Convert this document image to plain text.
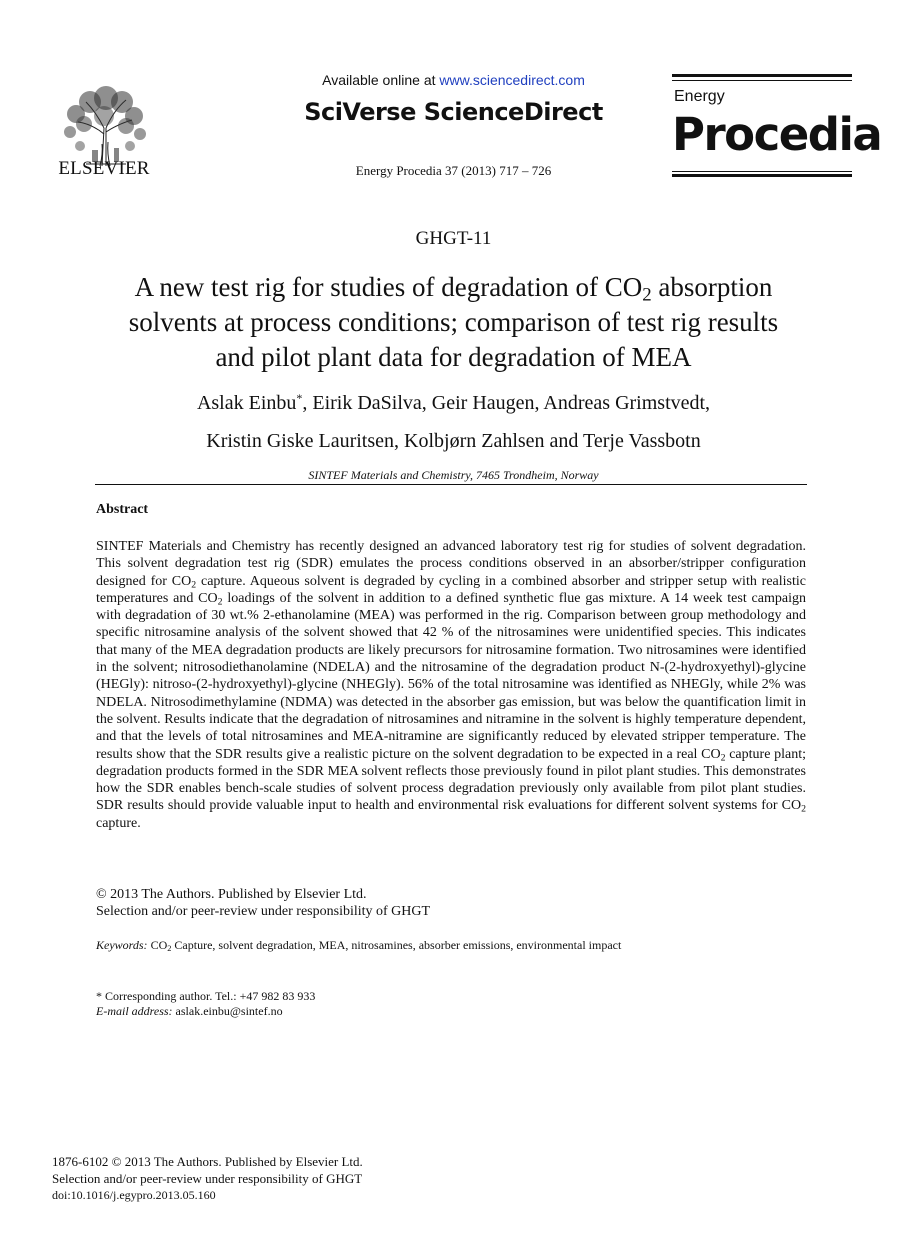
ELSEVIER
Available online at www.sciencedirect.com
SciVerse ScienceDirect
Energy Procedia 37 (2013) 717 – 726
Energy
Procedia
GHGT-11
A new test rig for studies of degradation of $CO_2$ absorption
solvents at process conditions; comparison of test rig results
and pilot plant data for degradation of MEA
Aslak Einbu*, Eirik DaSilva, Geir Haugen, Andreas Grimstvedt,
Kristin Giske Lauritsen, Kolbjørn Zahlsen and Terje Vassbotn
SINTEF Materials and Chemistry, 7465 Trondheim, Norway
Abstract
SINTEF Materials and Chemistry has recently designed an advanced laboratory test rig for studies of solvent degradation. This solvent degradation test rig (SDR) emulates the process conditions observed in an absorber/stripper configuration designed for $CO_2$ capture. Aqueous solvent is degraded by cycling in a combined absorber and stripper setup with realistic temperatures and $CO_2$ loadings of the solvent in addition to a defined synthetic flue gas mixture. A 14 week test campaign with degradation of 30 wt.% 2-ethanolamine (MEA) was performed in the rig. Comparison between group methodology and specific nitrosamine analysis of the solvent showed that 42 % of the nitrosamines were unidentified species. This indicates that many of the MEA degradation products are likely precursors for nitrosamine formation. Two nitrosamines were identified in the solvent; nitrosodiethanolamine (NDELA) and the nitrosamine of the degradation product N-(2-hydroxyethyl)-glycine (HEGly): nitroso-(2-hydroxyethyl)-glycine (NHEGly). 56% of the total nitrosamine was identified as NHEGly, while 2% was NDELA. Nitrosodimethylamine (NDMA) was detected in the absorber gas emission, but was below the quantification limit in the solvent. Results indicate that the degradation of nitrosamines and nitramine in the solvent is highly temperature dependent, and that the levels of total nitrosamines and MEA-nitramine are significantly reduced by elevated stripper temperature. The results show that the SDR results give a realistic picture on the solvent degradation to be expected in a real $CO_2$ capture plant; degradation products formed in the SDR MEA solvent reflects those previously found in pilot plant studies. This demonstrates how the SDR enables bench-scale studies of solvent process degradation previously only available from pilot plant studies. SDR results should provide valuable input to health and environmental risk evaluations for different solvent systems for $CO_2$ capture.
© 2013 The Authors. Published by Elsevier Ltd.
Selection and/or peer-review under responsibility of GHGT
Keywords: $CO_2$ Capture, solvent degradation, MEA, nitrosamines, absorber emissions, environmental impact
* Corresponding author. Tel.: +47 982 83 933
E-mail address: aslak.einbu@sintef.no
1876-6102 © 2013 The Authors. Published by Elsevier Ltd.
Selection and/or peer-review under responsibility of GHGT
doi:10.1016/j.egypro.2013.05.160
